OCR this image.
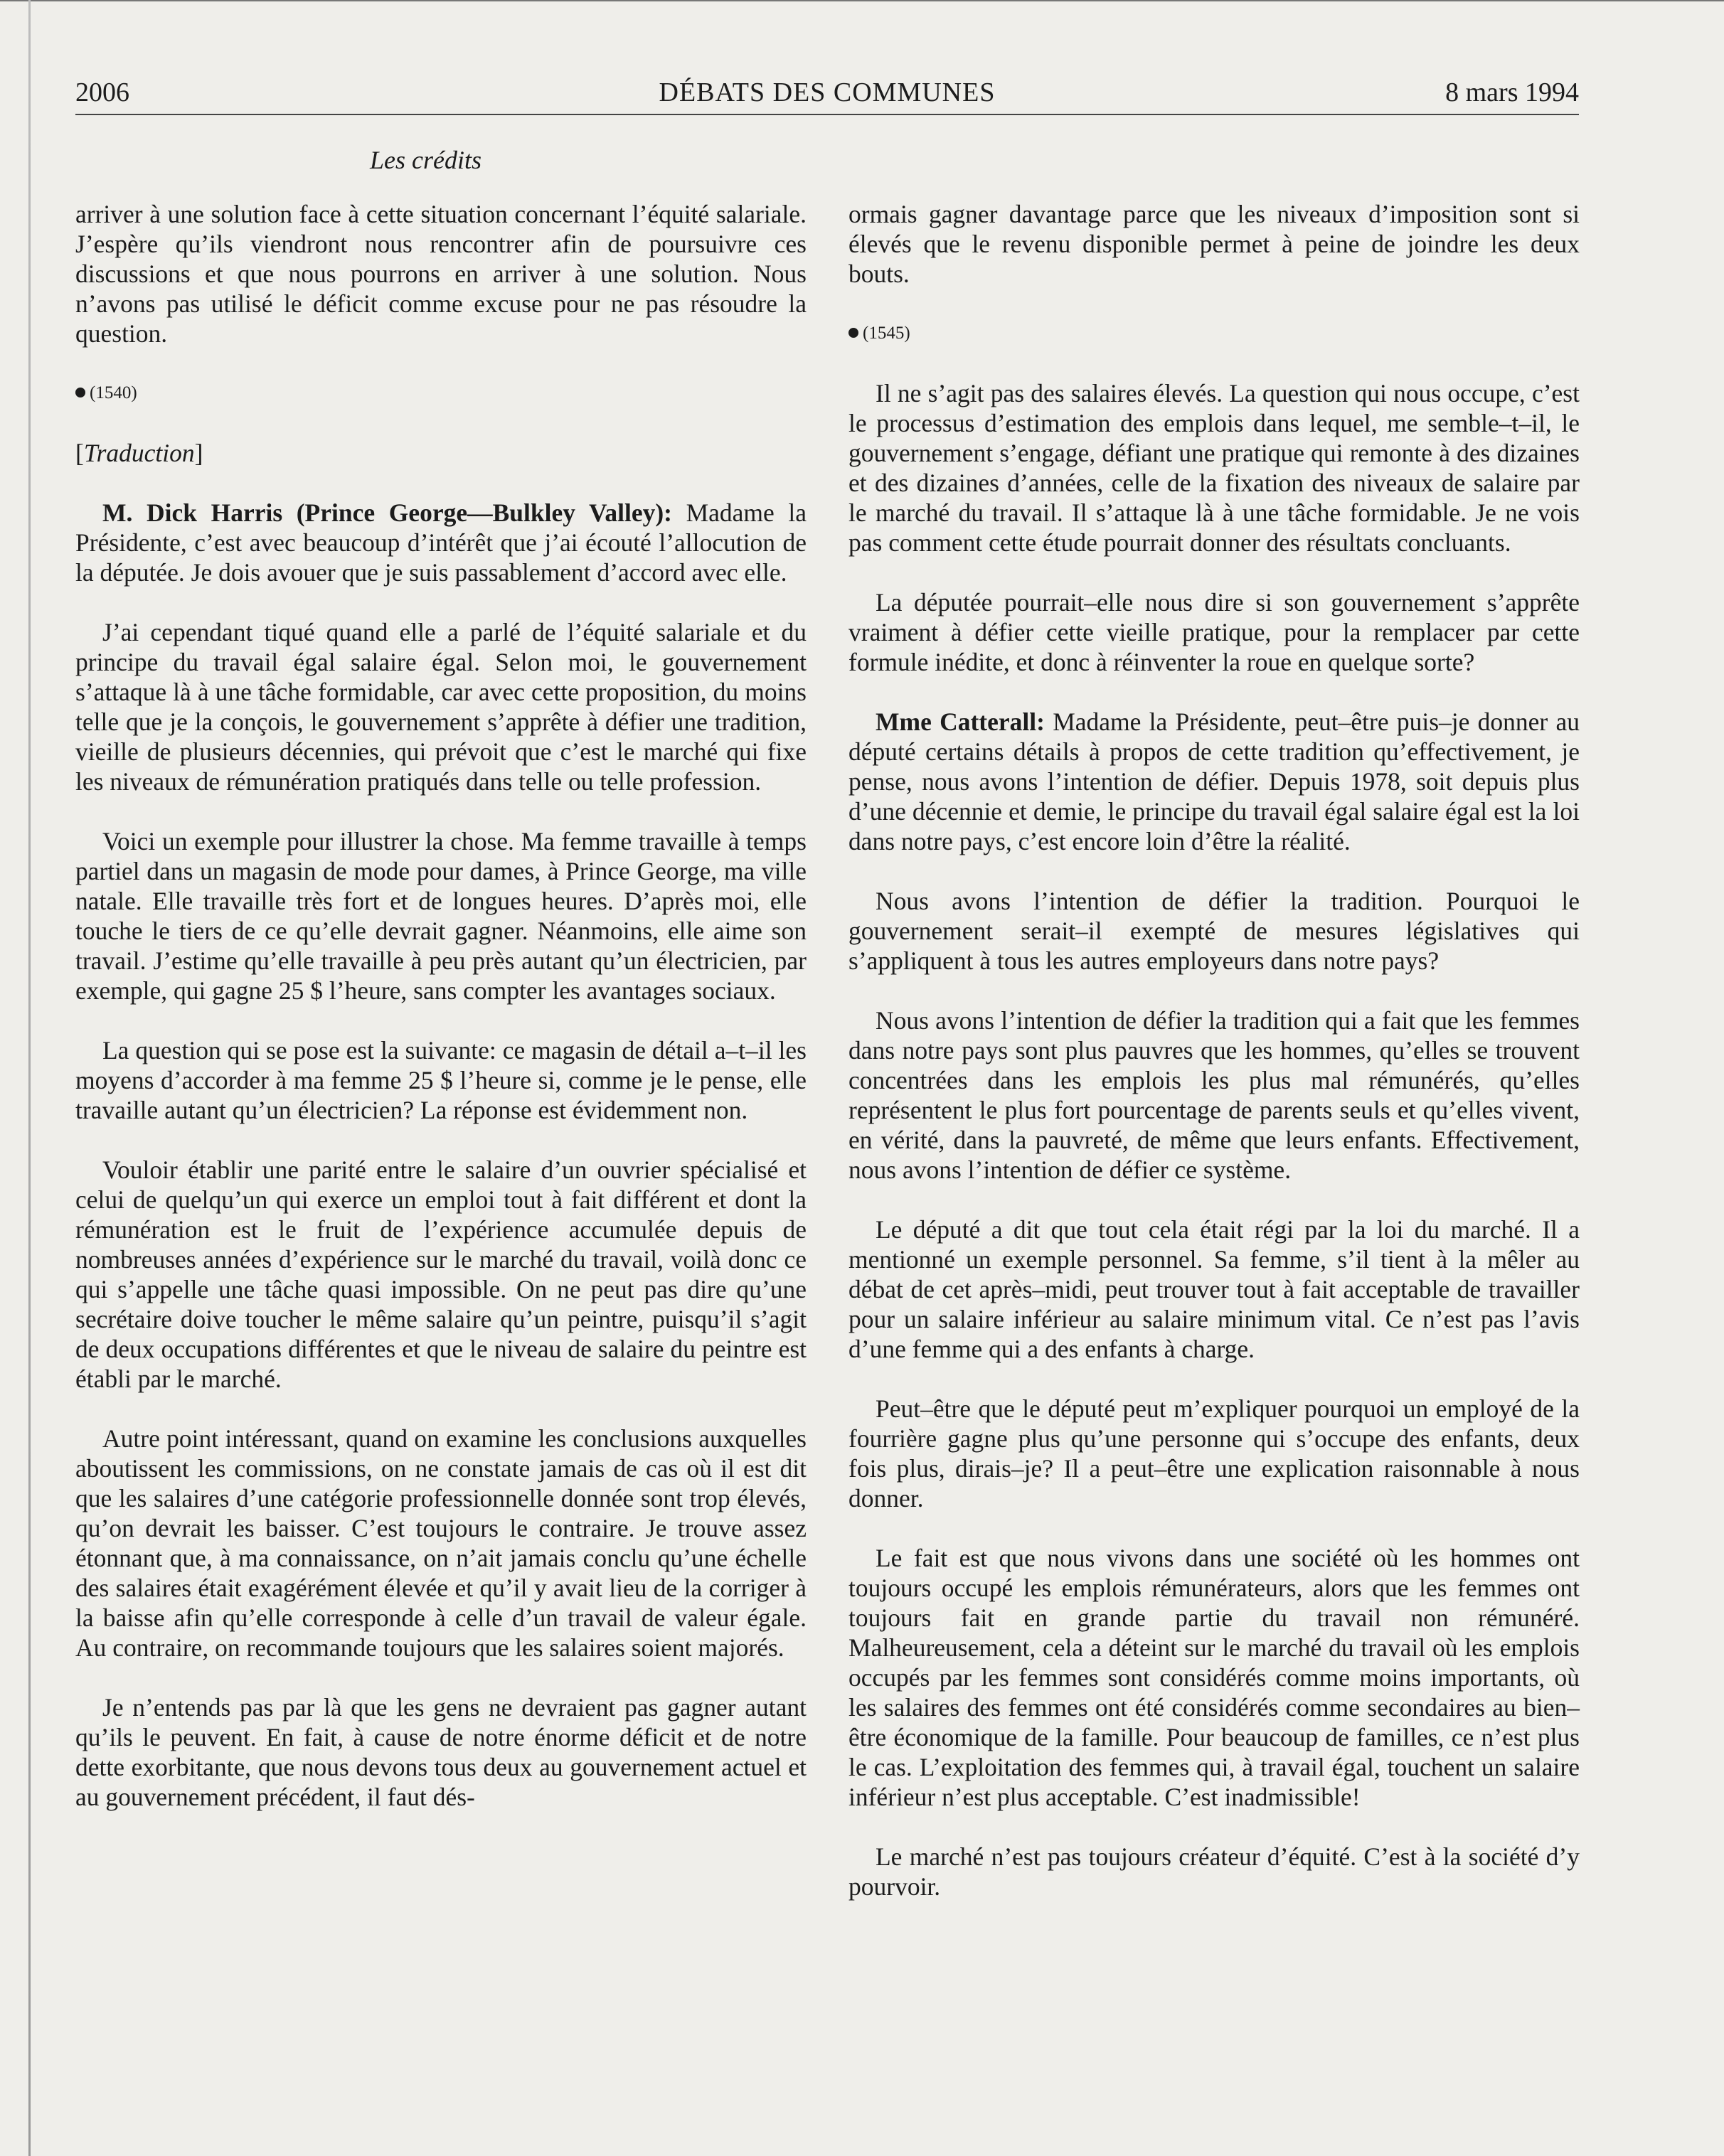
2006	DÉBATS DES COMMUNES	8 mars 1994
Les crédits

arriver à une solution face à cette situation concernant l’équité salariale. J’espère qu’ils viendront nous rencontrer afin de poursuivre ces discussions et que nous pourrons en arriver à une solution. Nous n’avons pas utilisé le déficit comme excuse pour ne pas résoudre la question.

(1540)
[Traduction]

M. Dick Harris (Prince George—Bulkley Valley): Madame la Présidente, c’est avec beaucoup d’intérêt que j’ai écouté l’allocution de la députée. Je dois avouer que je suis passablement d’accord avec elle.

J’ai cependant tiqué quand elle a parlé de l’équité salariale et du principe du travail égal salaire égal. Selon moi, le gouvernement s’attaque là à une tâche formidable, car avec cette proposition, du moins telle que je la conçois, le gouvernement s’apprête à défier une tradition, vieille de plusieurs décennies, qui prévoit que c’est le marché qui fixe les niveaux de rémunération pratiqués dans telle ou telle profession.

Voici un exemple pour illustrer la chose. Ma femme travaille à temps partiel dans un magasin de mode pour dames, à Prince George, ma ville natale. Elle travaille très fort et de longues heures. D’après moi, elle touche le tiers de ce qu’elle devrait gagner. Néanmoins, elle aime son travail. J’estime qu’elle travaille à peu près autant qu’un électricien, par exemple, qui gagne 25 $ l’heure, sans compter les avantages sociaux.

La question qui se pose est la suivante: ce magasin de détail a–t–il les moyens d’accorder à ma femme 25 $ l’heure si, comme je le pense, elle travaille autant qu’un électricien? La réponse est évidemment non.

Vouloir établir une parité entre le salaire d’un ouvrier spécialisé et celui de quelqu’un qui exerce un emploi tout à fait différent et dont la rémunération est le fruit de l’expérience accumulée depuis de nombreuses années d’expérience sur le marché du travail, voilà donc ce qui s’appelle une tâche quasi impossible. On ne peut pas dire qu’une secrétaire doive toucher le même salaire qu’un peintre, puisqu’il s’agit de deux occupations différentes et que le niveau de salaire du peintre est établi par le marché.

Autre point intéressant, quand on examine les conclusions auxquelles aboutissent les commissions, on ne constate jamais de cas où il est dit que les salaires d’une catégorie professionnelle donnée sont trop élevés, qu’on devrait les baisser. C’est toujours le contraire. Je trouve assez étonnant que, à ma connaissance, on n’ait jamais conclu qu’une échelle des salaires était exagérément élevée et qu’il y avait lieu de la corriger à la baisse afin qu’elle corresponde à celle d’un travail de valeur égale. Au contraire, on recommande toujours que les salaires soient majorés.

Je n’entends pas par là que les gens ne devraient pas gagner autant qu’ils le peuvent. En fait, à cause de notre énorme déficit et de notre dette exorbitante, que nous devons tous deux au gouvernement actuel et au gouvernement précédent, il faut dés-

ormais gagner davantage parce que les niveaux d’imposition sont si élevés que le revenu disponible permet à peine de joindre les deux bouts.

(1545)

Il ne s’agit pas des salaires élevés. La question qui nous occupe, c’est le processus d’estimation des emplois dans lequel, me semble–t–il, le gouvernement s’engage, défiant une pratique qui remonte à des dizaines et des dizaines d’années, celle de la fixation des niveaux de salaire par le marché du travail. Il s’attaque là à une tâche formidable. Je ne vois pas comment cette étude pourrait donner des résultats concluants.

La députée pourrait–elle nous dire si son gouvernement s’apprête vraiment à défier cette vieille pratique, pour la remplacer par cette formule inédite, et donc à réinventer la roue en quelque sorte?

Mme Catterall: Madame la Présidente, peut–être puis–je donner au député certains détails à propos de cette tradition qu’effectivement, je pense, nous avons l’intention de défier. Depuis 1978, soit depuis plus d’une décennie et demie, le principe du travail égal salaire égal est la loi dans notre pays, c’est encore loin d’être la réalité.

Nous avons l’intention de défier la tradition. Pourquoi le gouvernement serait–il exempté de mesures législatives qui s’appliquent à tous les autres employeurs dans notre pays?

Nous avons l’intention de défier la tradition qui a fait que les femmes dans notre pays sont plus pauvres que les hommes, qu’elles se trouvent concentrées dans les emplois les plus mal rémunérés, qu’elles représentent le plus fort pourcentage de parents seuls et qu’elles vivent, en vérité, dans la pauvreté, de même que leurs enfants. Effectivement, nous avons l’intention de défier ce système.

Le député a dit que tout cela était régi par la loi du marché. Il a mentionné un exemple personnel. Sa femme, s’il tient à la mêler au débat de cet après–midi, peut trouver tout à fait acceptable de travailler pour un salaire inférieur au salaire minimum vital. Ce n’est pas l’avis d’une femme qui a des enfants à charge.

Peut–être que le député peut m’expliquer pourquoi un employé de la fourrière gagne plus qu’une personne qui s’occupe des enfants, deux fois plus, dirais–je? Il a peut–être une explication raisonnable à nous donner.

Le fait est que nous vivons dans une société où les hommes ont toujours occupé les emplois rémunérateurs, alors que les femmes ont toujours fait en grande partie du travail non rémunéré. Malheureusement, cela a déteint sur le marché du travail où les emplois occupés par les femmes sont considérés comme moins importants, où les salaires des femmes ont été considérés comme secondaires au bien–être économique de la famille. Pour beaucoup de familles, ce n’est plus le cas. L’exploitation des femmes qui, à travail égal, touchent un salaire inférieur n’est plus acceptable. C’est inadmissible!

Le marché n’est pas toujours créateur d’équité. C’est à la société d’y pourvoir.
